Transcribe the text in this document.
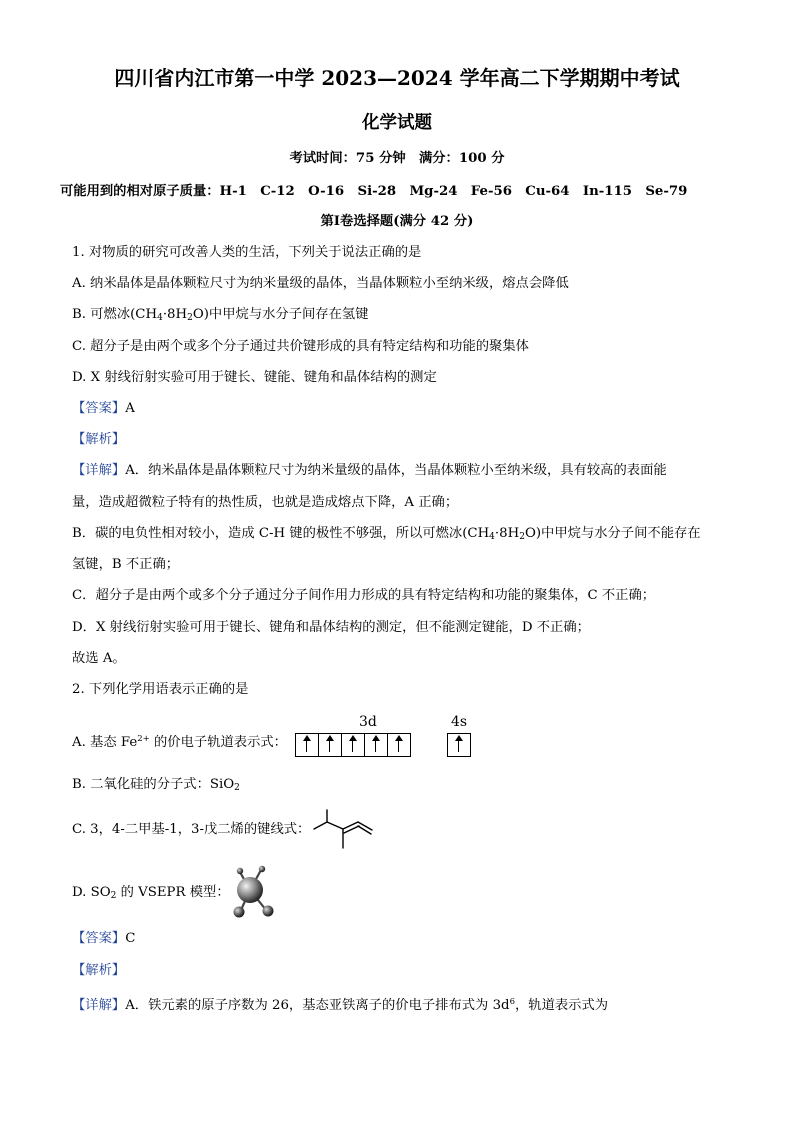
四川省内江市第一中学 2023—2024 学年高二下学期期中考试
化学试题
考试时间：75 分钟　满分：100 分
可能用到的相对原子质量：H-1　C-12　O-16　Si-28　Mg-24　Fe-56　Cu-64　In-115　Se-79
第Ⅰ卷选择题(满分 42 分)
1. 对物质的研究可改善人类的生活，下列关于说法正确的是
A. 纳米晶体是晶体颗粒尺寸为纳米量级的晶体，当晶体颗粒小至纳米级，熔点会降低
B. 可燃冰$(CH_4\cdot 8H_2O)$中甲烷与水分子间存在氢键
C. 超分子是由两个或多个分子通过共价键形成的具有特定结构和功能的聚集体
D. X 射线衍射实验可用于键长、键能、键角和晶体结构的测定
【答案】A
【解析】
【详解】A．纳米晶体是晶体颗粒尺寸为纳米量级的晶体，当晶体颗粒小至纳米级，具有较高的表面能
量，造成超微粒子特有的热性质，也就是造成熔点下降，A 正确；
B．碳的电负性相对较小，造成 C-H 键的极性不够强，所以可燃冰$(CH_4\cdot 8H_2O)$中甲烷与水分子间不能存在
氢键，B 不正确；
C．超分子是由两个或多个分子通过分子间作用力形成的具有特定结构和功能的聚集体，C 不正确；
D．X 射线衍射实验可用于键长、键角和晶体结构的测定，但不能测定键能，D 不正确；
故选 A。
2. 下列化学用语表示正确的是
3d	4s
A. 基态 $Fe^{2+}$ 的价电子轨道表示式：
B. 二氧化硅的分子式：SiO$_2$
C. 3，4-二甲基-1，3-戊二烯的键线式：
D. $SO_2$ 的 VSEPR 模型：
【答案】C
【解析】
【详解】A．铁元素的原子序数为 26，基态亚铁离子的价电子排布式为 $3d^6$，轨道表示式为
